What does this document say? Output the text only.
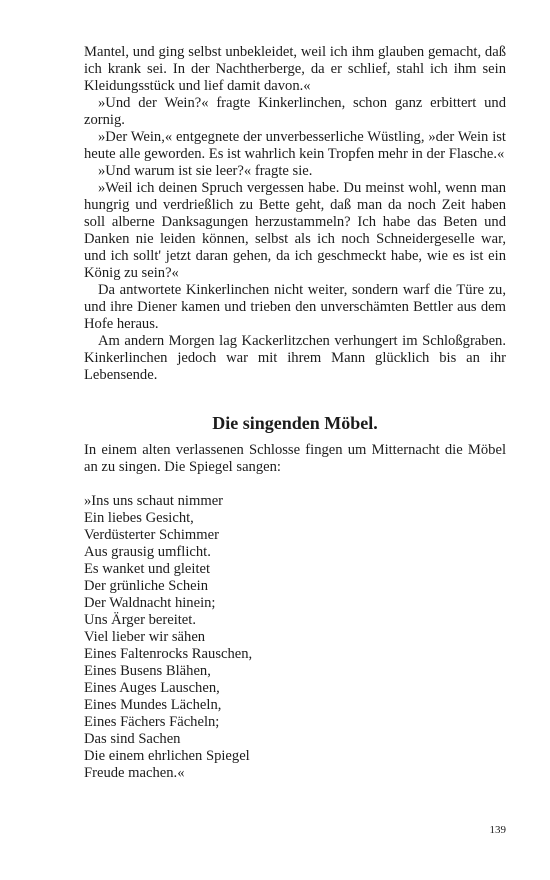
Mantel, und ging selbst unbekleidet, weil ich ihm glauben gemacht, daß ich krank sei. In der Nachtherberge, da er schlief, stahl ich ihm sein Kleidungsstück und lief damit davon.«

»Und der Wein?« fragte Kinkerlinchen, schon ganz erbittert und zornig.

»Der Wein,« entgegnete der unverbesserliche Wüstling, »der Wein ist heute alle geworden. Es ist wahrlich kein Tropfen mehr in der Flasche.«

»Und warum ist sie leer?« fragte sie.

»Weil ich deinen Spruch vergessen habe. Du meinst wohl, wenn man hungrig und verdrießlich zu Bette geht, daß man da noch Zeit haben soll alberne Danksagungen herzustammeln? Ich habe das Beten und Danken nie leiden können, selbst als ich noch Schneidergeselle war, und ich sollt' jetzt daran gehen, da ich geschmeckt habe, wie es ist ein König zu sein?«

Da antwortete Kinkerlinchen nicht weiter, sondern warf die Türe zu, und ihre Diener kamen und trieben den unverschämten Bettler aus dem Hofe heraus.

Am andern Morgen lag Kackerlitzchen verhungert im Schloßgraben. Kinkerlinchen jedoch war mit ihrem Mann glücklich bis an ihr Lebensende.

Die singenden Möbel.

In einem alten verlassenen Schlosse fingen um Mitternacht die Möbel an zu singen. Die Spiegel sangen:

»Ins uns schaut nimmer
Ein liebes Gesicht,
Verdüsterter Schimmer
Aus grausig umflicht.
Es wanket und gleitet
Der grünliche Schein
Der Waldnacht hinein;
Uns Ärger bereitet.
Viel lieber wir sähen
Eines Faltenrocks Rauschen,
Eines Busens Blähen,
Eines Auges Lauschen,
Eines Mundes Lächeln,
Eines Fächers Fächeln;
Das sind Sachen
Die einem ehrlichen Spiegel
Freude machen.«
139
